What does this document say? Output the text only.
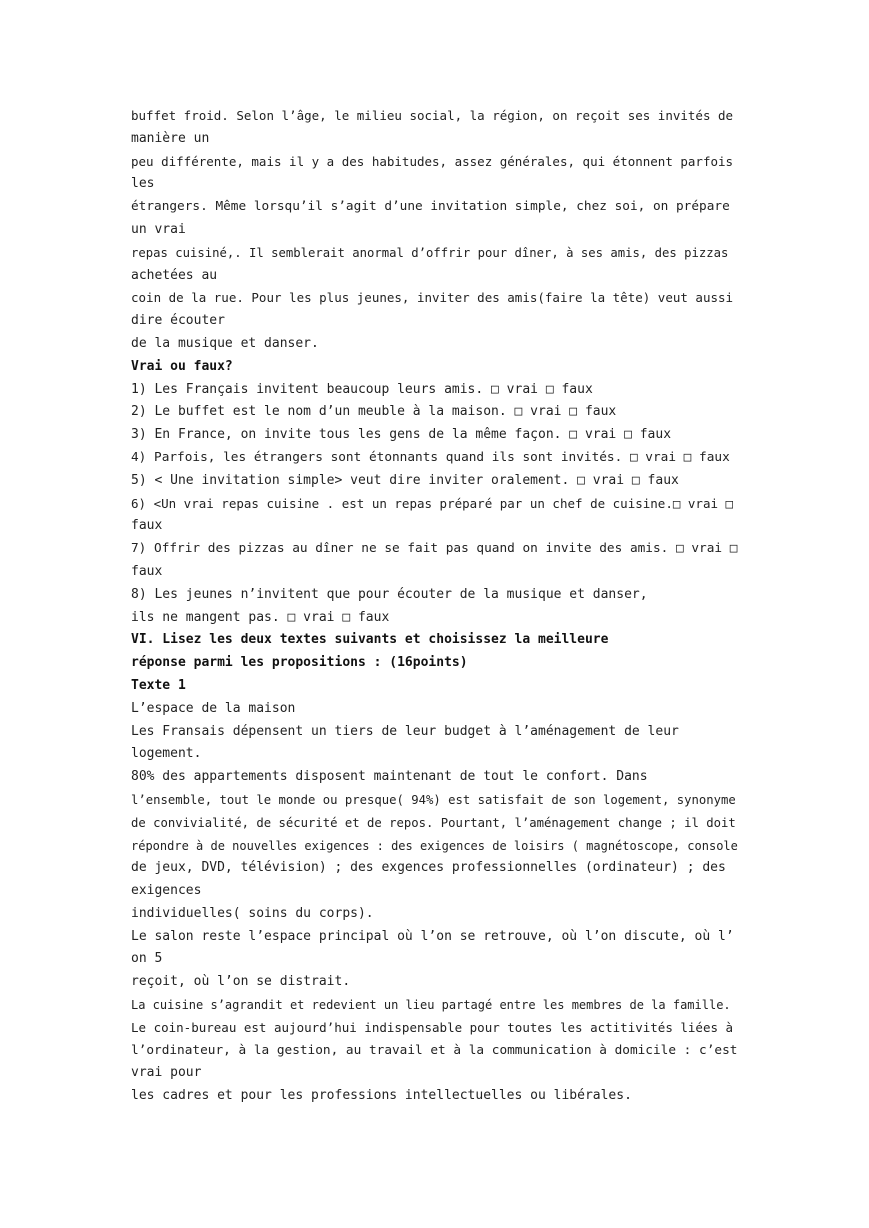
buffet froid. Selon l’âge, le milieu social, la région, on reçoit ses invités de
manière un
peu différente, mais il y a des habitudes, assez générales, qui étonnent parfois
les
étrangers. Même lorsqu’il s’agit d’une invitation simple, chez soi, on prépare
un vrai
repas cuisiné,. Il semblerait anormal d’offrir pour dîner, à ses amis, des pizzas
achetées au
coin de la rue. Pour les plus jeunes, inviter des amis(faire la tête) veut aussi
dire écouter
de la musique et danser.
Vrai ou faux?
1) Les Français invitent beaucoup leurs amis. □ vrai □ faux
2) Le buffet est le nom d’un meuble à la maison. □ vrai □ faux
3) En France, on invite tous les gens de la même façon. □ vrai □ faux
4) Parfois, les étrangers sont étonnants quand ils sont invités. □ vrai □ faux
5) < Une invitation simple> veut dire inviter oralement. □ vrai □ faux
6) <Un vrai repas cuisine . est un repas préparé par un chef de cuisine.□ vrai □
faux
7) Offrir des pizzas au dîner ne se fait pas quand on invite des amis. □ vrai □
faux
8) Les jeunes n’invitent que pour écouter de la musique et danser,
ils ne mangent pas. □ vrai □ faux
VI. Lisez les deux textes suivants et choisissez la meilleure
réponse parmi les propositions : (16points)
Texte 1
L’espace de la maison
Les Fransais dépensent un tiers de leur budget à l’aménagement de leur
logement.
80% des appartements disposent maintenant de tout le confort. Dans
l’ensemble, tout le monde ou presque( 94%) est satisfait de son logement, synonyme
de convivialité, de sécurité et de repos. Pourtant, l’aménagement change ; il doit
répondre à de nouvelles exigences : des exigences de loisirs ( magnétoscope, console
de jeux, DVD, télévision) ; des exgences professionnelles (ordinateur) ; des
exigences
individuelles( soins du corps).
Le salon reste l’espace principal où l’on se retrouve, où l’on discute, où l’
on 5
reçoit, où l’on se distrait.
La cuisine s’agrandit et redevient un lieu partagé entre les membres de la famille.
Le coin-bureau est aujourd’hui indispensable pour toutes les actitivités liées à
l’ordinateur, à la gestion, au travail et à la communication à domicile : c’est
vrai pour
les cadres et pour les professions intellectuelles ou libérales.
